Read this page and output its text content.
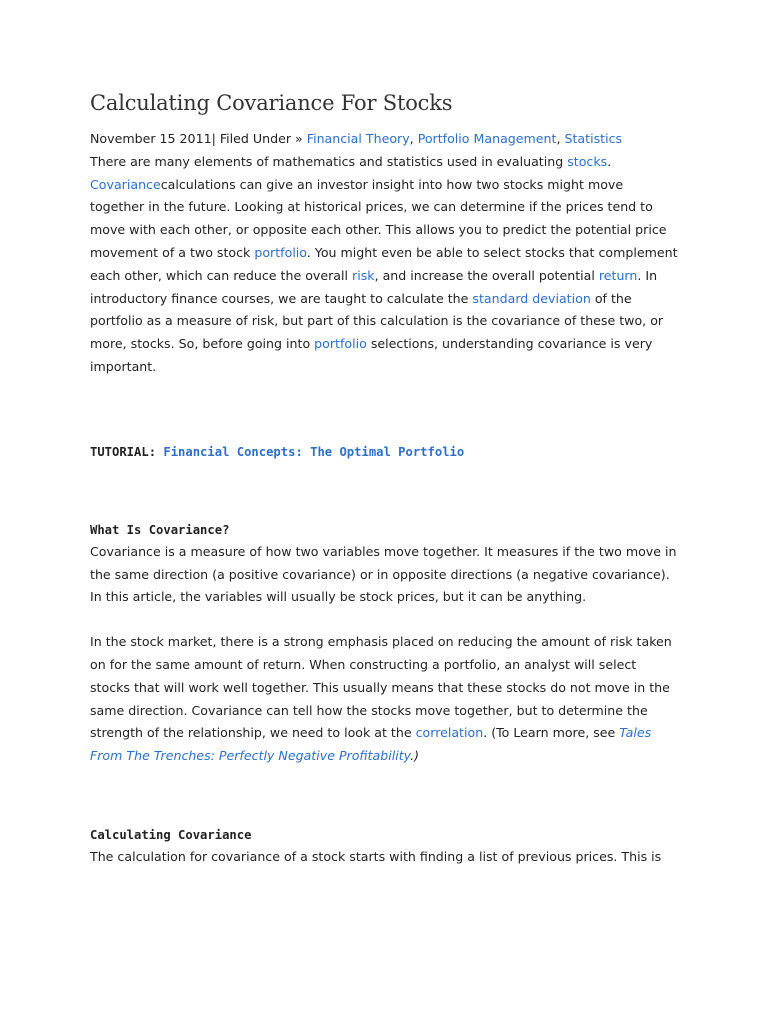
Calculating Covariance For Stocks

November 15 2011| Filed Under » Financial Theory, Portfolio Management, Statistics

There are many elements of mathematics and statistics used in evaluating stocks. Covariancecalculations can give an investor insight into how two stocks might move together in the future. Looking at historical prices, we can determine if the prices tend to move with each other, or opposite each other. This allows you to predict the potential price movement of a two stock portfolio. You might even be able to select stocks that complement each other, which can reduce the overall risk, and increase the overall potential return. In introductory finance courses, we are taught to calculate the standard deviation of the portfolio as a measure of risk, but part of this calculation is the covariance of these two, or more, stocks. So, before going into portfolio selections, understanding covariance is very important.

TUTORIAL: Financial Concepts: The Optimal Portfolio

What Is Covariance?

Covariance is a measure of how two variables move together. It measures if the two move in the same direction (a positive covariance) or in opposite directions (a negative covariance). In this article, the variables will usually be stock prices, but it can be anything.

In the stock market, there is a strong emphasis placed on reducing the amount of risk taken on for the same amount of return. When constructing a portfolio, an analyst will select stocks that will work well together. This usually means that these stocks do not move in the same direction. Covariance can tell how the stocks move together, but to determine the strength of the relationship, we need to look at the correlation. (To Learn more, see Tales From The Trenches: Perfectly Negative Profitability.)

Calculating Covariance

The calculation for covariance of a stock starts with finding a list of previous prices. This is
